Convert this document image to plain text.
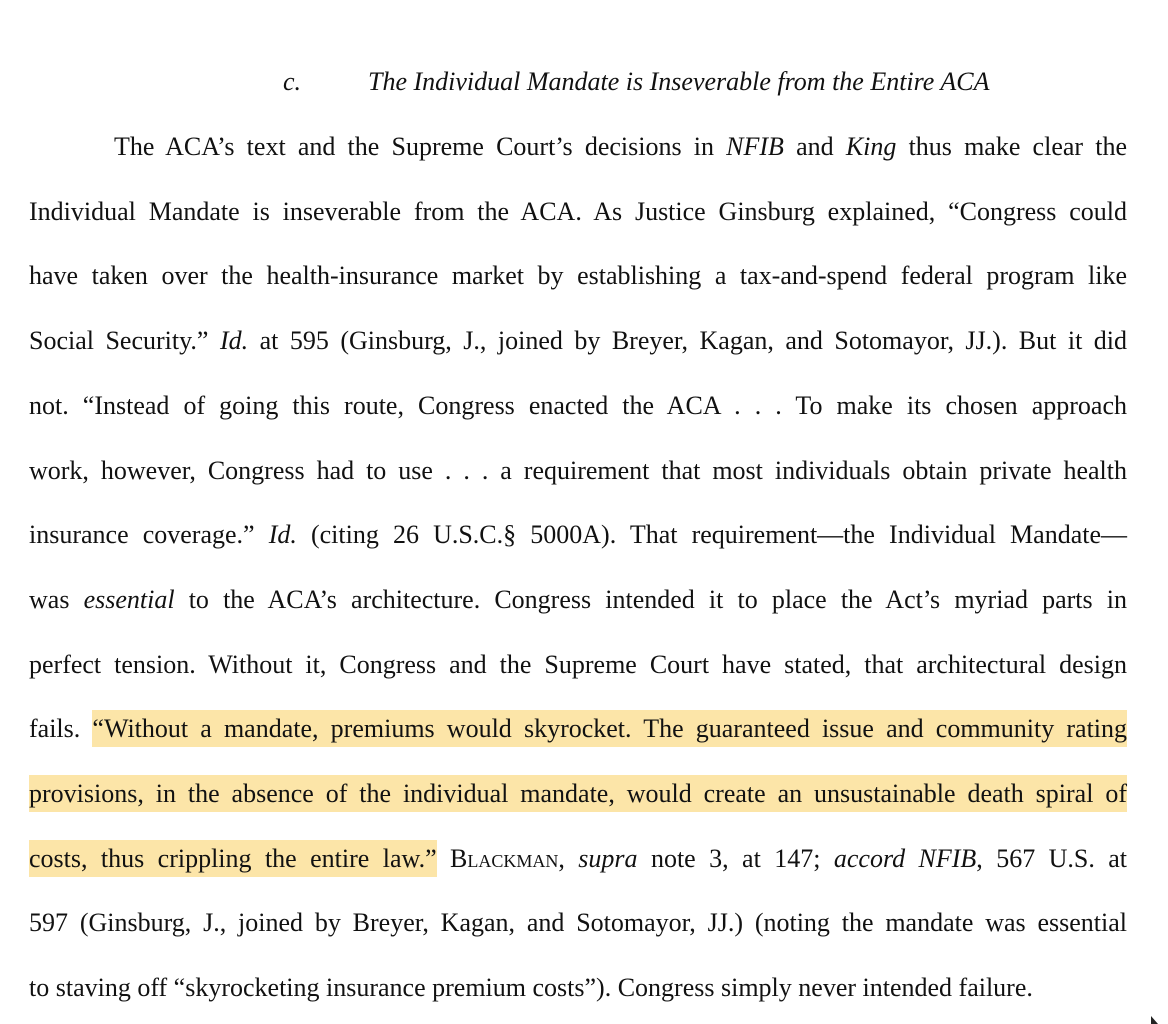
c.	The Individual Mandate is Inseverable from the Entire ACA
The ACA’s text and the Supreme Court’s decisions in NFIB and King thus make clear the
Individual Mandate is inseverable from the ACA. As Justice Ginsburg explained, “Congress could
have taken over the health-insurance market by establishing a tax-and-spend federal program like
Social Security.” Id. at 595 (Ginsburg, J., joined by Breyer, Kagan, and Sotomayor, JJ.). But it did
not. “Instead of going this route, Congress enacted the ACA . . . To make its chosen approach
work, however, Congress had to use . . . a requirement that most individuals obtain private health
insurance coverage.” Id. (citing 26 U.S.C.§ 5000A). That requirement—the Individual Mandate—
was essential to the ACA’s architecture. Congress intended it to place the Act’s myriad parts in
perfect tension. Without it, Congress and the Supreme Court have stated, that architectural design
fails. “Without a mandate, premiums would skyrocket. The guaranteed issue and community rating
provisions, in the absence of the individual mandate, would create an unsustainable death spiral of
costs, thus crippling the entire law.” Blackman, supra note 3, at 147; accord NFIB, 567 U.S. at
597 (Ginsburg, J., joined by Breyer, Kagan, and Sotomayor, JJ.) (noting the mandate was essential
to staving off “skyrocketing insurance premium costs”). Congress simply never intended failure.
